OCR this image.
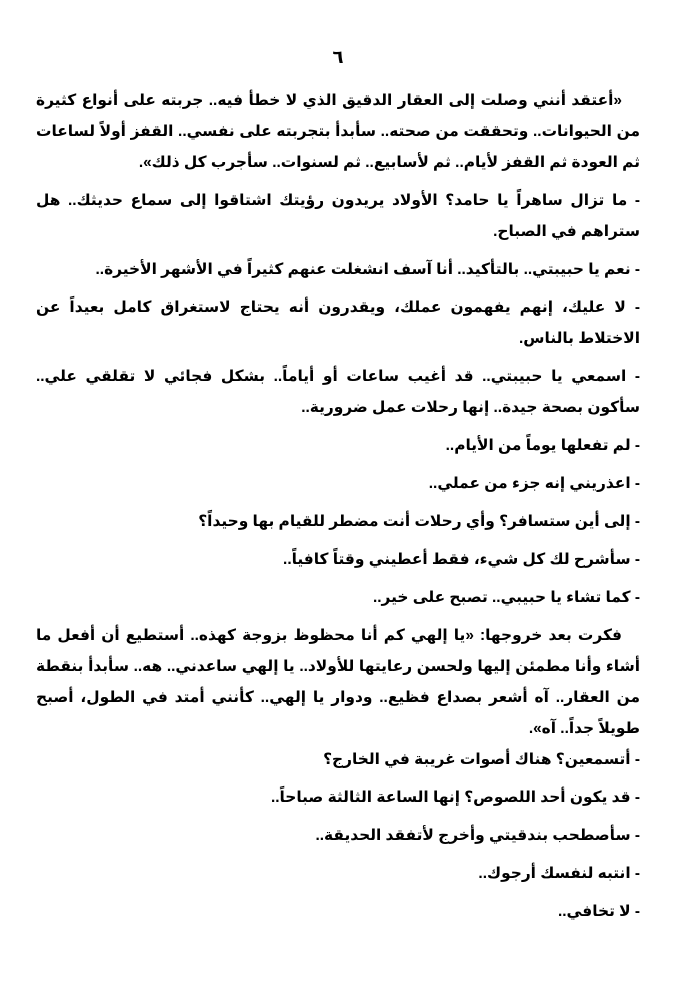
٦

«أعتقد أنني وصلت إلى العقار الدقيق الذي لا خطأ فيه.. جربته على أنواع كثيرة من الحيوانات.. وتحققت من صحته.. سأبدأ بتجربته على نفسي.. القفز أولاً لساعات ثم العودة ثم القفز لأيام.. ثم لأسابيع.. ثم لسنوات.. سأجرب كل ذلك».

- ما تزال ساهراً يا حامد؟ الأولاد يريدون رؤيتك اشتاقوا إلى سماع حديثك.. هل ستراهم في الصباح.

- نعم يا حبيبتي.. بالتأكيد.. أنا آسف انشغلت عنهم كثيراً في الأشهر الأخيرة..

- لا عليك، إنهم يفهمون عملك، ويقدرون أنه يحتاج لاستغراق كامل بعيداً عن الاختلاط بالناس.

- اسمعي يا حبيبتي.. قد أغيب ساعات أو أياماً.. بشكل فجائي لا تقلقي علي.. سأكون بصحة جيدة.. إنها رحلات عمل ضرورية..

- لم تفعلها يوماً من الأيام..

- اعذريني إنه جزء من عملي..

- إلى أين ستسافر؟ وأي رحلات أنت مضطر للقيام بها وحيداً؟

- سأشرح لك كل شيء، فقط أعطيني وقتاً كافياً..

- كما تشاء يا حبيبي.. تصبح على خير..

فكرت بعد خروجها: «يا إلهي كم أنا محظوظ بزوجة كهذه.. أستطيع أن أفعل ما أشاء وأنا مطمئن إليها ولحسن رعايتها للأولاد.. يا إلهي ساعدني.. هه.. سأبدأ بنقطة من العقار.. آه أشعر بصداع فظيع.. ودوار يا إلهي.. كأنني أمتد في الطول، أصبح طويلاً جداً.. آه».

- أتسمعين؟ هناك أصوات غريبة في الخارج؟

- قد يكون أحد اللصوص؟ إنها الساعة الثالثة صباحاً..

- سأصطحب بندقيتي وأخرج لأتفقد الحديقة..

- انتبه لنفسك أرجوك..

- لا تخافي..
